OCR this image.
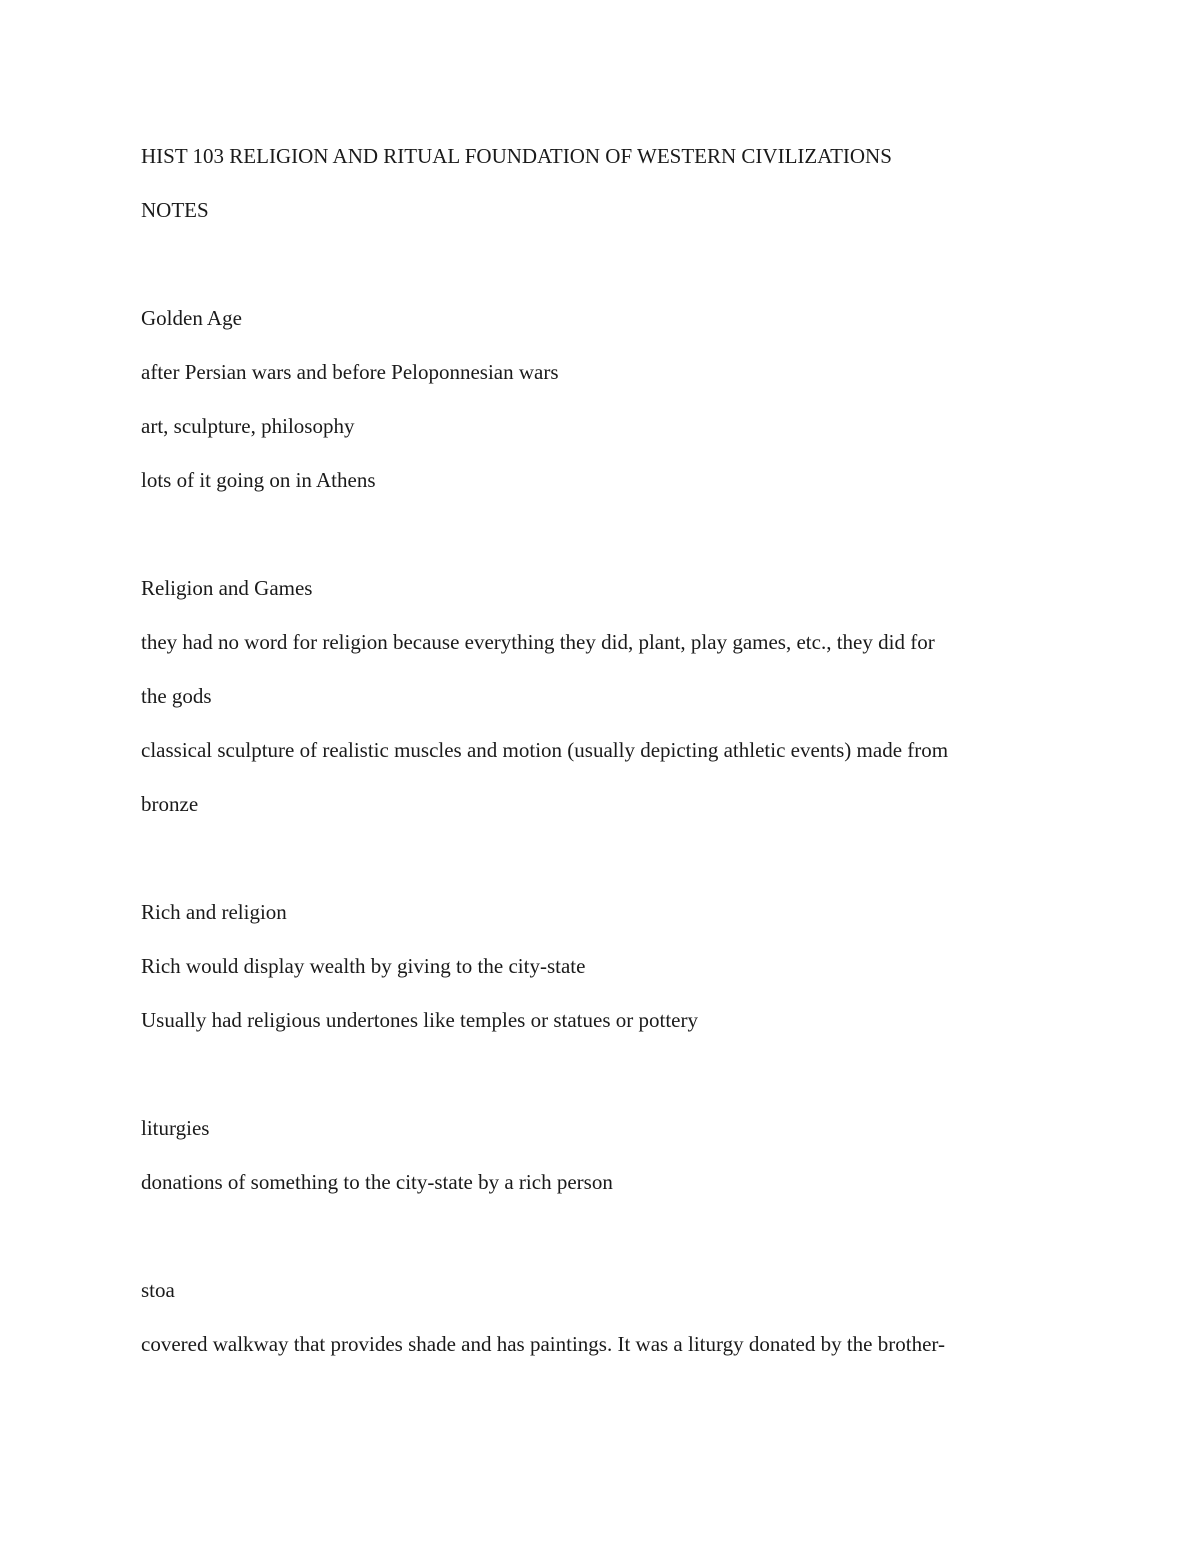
HIST 103 RELIGION AND RITUAL FOUNDATION OF WESTERN CIVILIZATIONS
NOTES
Golden Age
after Persian wars and before Peloponnesian wars
art, sculpture, philosophy
lots of it going on in Athens
Religion and Games
they had no word for religion because everything they did, plant, play games, etc., they did for
the gods
classical sculpture of realistic muscles and motion (usually depicting athletic events) made from
bronze
Rich and religion
Rich would display wealth by giving to the city-state
Usually had religious undertones like temples or statues or pottery
liturgies
donations of something to the city-state by a rich person
stoa
covered walkway that provides shade and has paintings. It was a liturgy donated by the brother-
